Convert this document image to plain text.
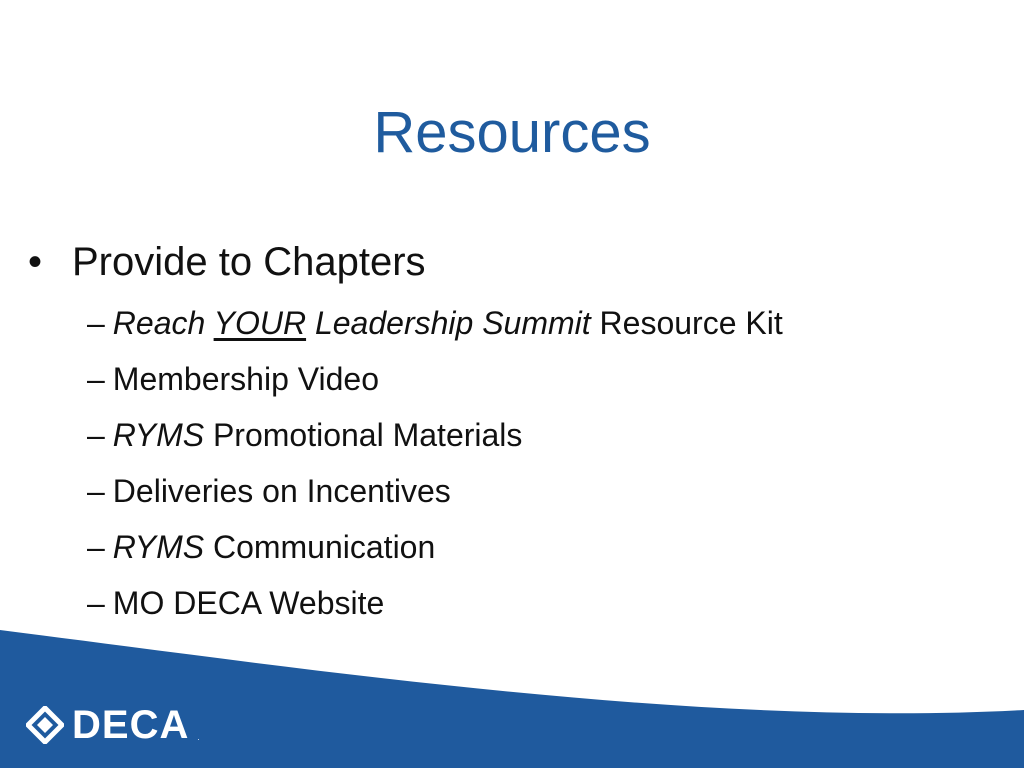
Resources
• Provide to Chapters
– Reach YOUR Leadership Summit Resource Kit
– Membership Video
– RYMS Promotional Materials
– Deliveries on Incentives
– RYMS Communication
– MO DECA Website
17
DECA .
